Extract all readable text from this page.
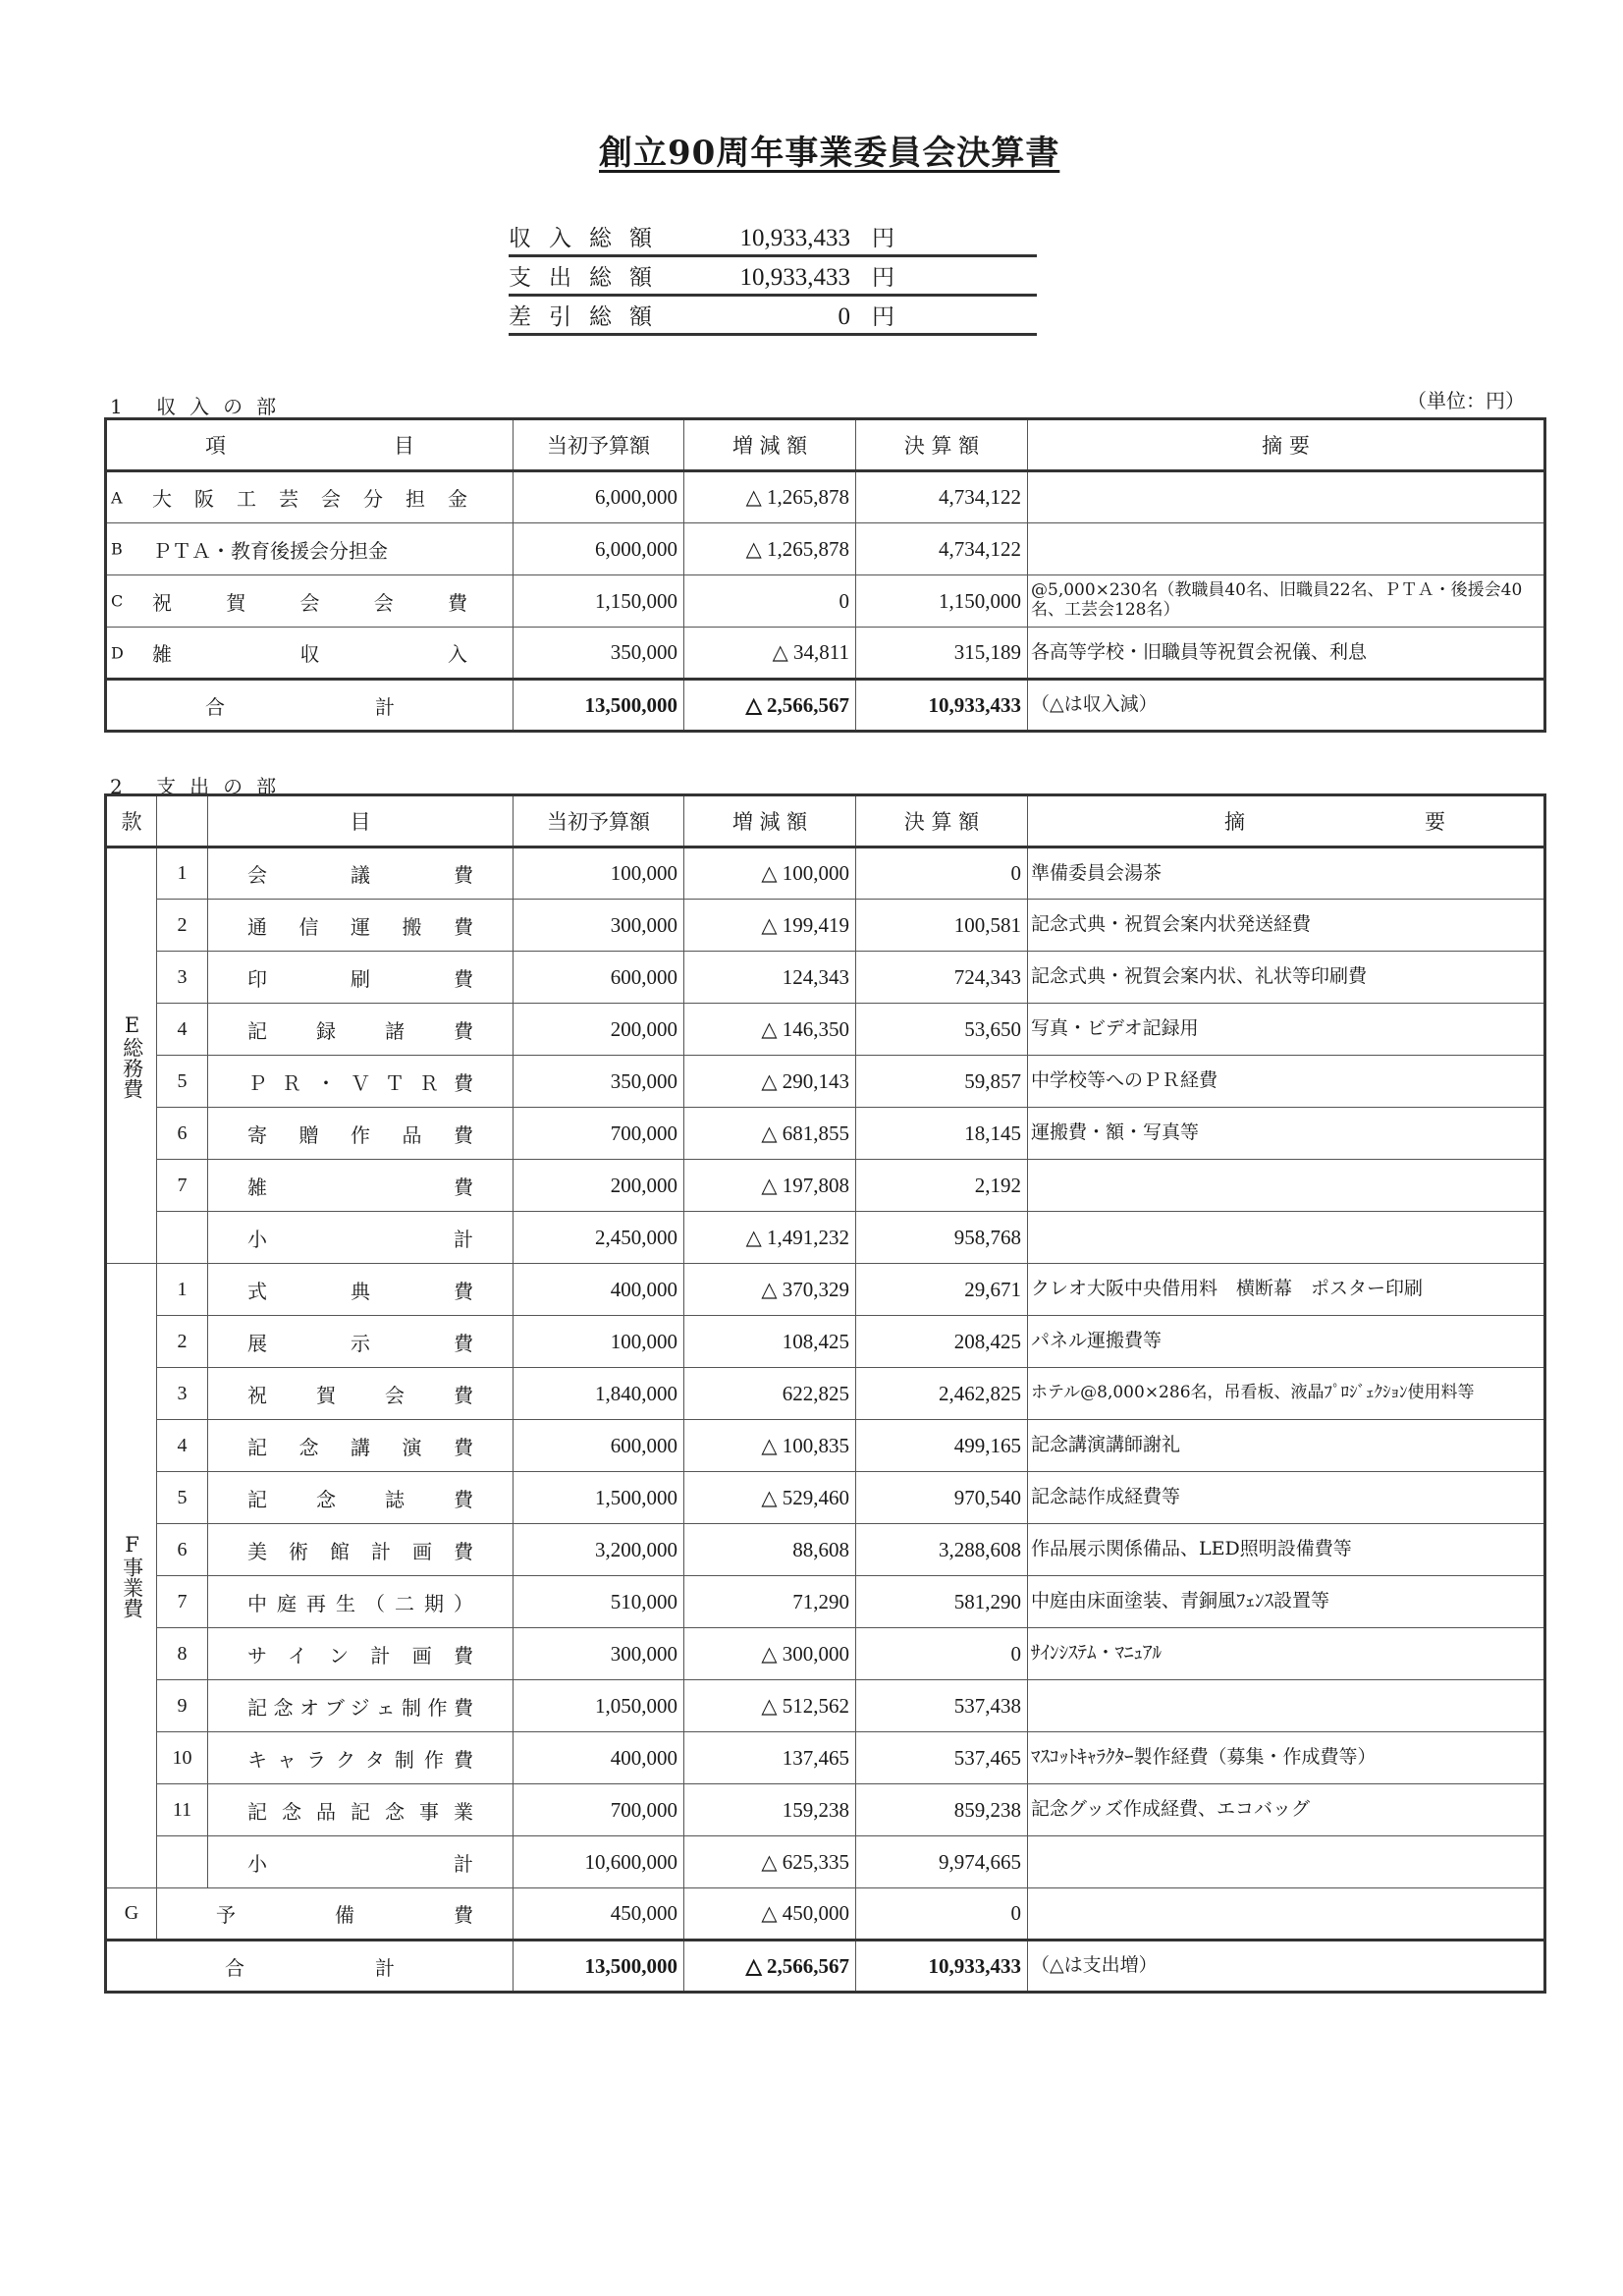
創立90周年事業委員会決算書
収入総額	10,933,433 円
支出総額	10,933,433 円
差引総額	0 円
1 収入の部	（単位：円）
項 目	当初予算額	増 減 額	決 算 額	摘 要

A 大阪工芸会分担金	6,000,000	△ 1,265,878	4,734,122	

B ＰＴＡ・教育後援会分担金	6,000,000	△ 1,265,878	4,734,122	

C 祝賀会会費	1,150,000	0	1,150,000	@5,000×230名（教職員40名、旧職員22名、ＰＴＡ・後援会40名、工芸会128名）

D 雑収入	350,000	△ 34,811	315,189	各高等学校・旧職員等祝賀会祝儀、利息
合 計	13,500,000	△ 2,566,567	10,933,433	（△は収入減）
2 支出の部
款		目	当初予算額	増 減 額	決 算 額	摘 要
E総務費	1	会議費	100,000	△ 100,000	0	準備委員会湯茶
	2	通信運搬費	300,000	△ 199,419	100,581	記念式典・祝賀会案内状発送経費
	3	印刷費	600,000	124,343	724,343	記念式典・祝賀会案内状、礼状等印刷費
	4	記録諸費	200,000	△ 146,350	53,650	写真・ビデオ記録用
	5	ＰＲ・ＶＴＲ費	350,000	△ 290,143	59,857	中学校等へのＰＲ経費
	6	寄贈作品費	700,000	△ 681,855	18,145	運搬費・額・写真等
	7	雑費	200,000	△ 197,808	2,192	
		小 計	2,450,000	△ 1,491,232	958,768	
F事業費	1	式典費	400,000	△ 370,329	29,671	クレオ大阪中央借用料　横断幕　ポスター印刷
	2	展示費	100,000	108,425	208,425	パネル運搬費等
	3	祝賀会費	1,840,000	622,825	2,462,825	ホテル@8,000×286名，吊看板、液晶ﾌﾟﾛｼﾞｪｸｼｮﾝ使用料等
	4	記念講演費	600,000	△ 100,835	499,165	記念講演講師謝礼
	5	記念誌費	1,500,000	△ 529,460	970,540	記念誌作成経費等
	6	美術館計画費	3,200,000	88,608	3,288,608	作品展示関係備品、LED照明設備費等
	7	中庭再生（二期）	510,000	71,290	581,290	中庭由床面塗装、青銅風ﾌｪﾝｽ設置等
	8	サイン計画費	300,000	△ 300,000	0	ｻｲﾝｼｽﾃﾑ・ﾏﾆｭｱﾙ
	9	記念オブジェ制作費	1,050,000	△ 512,562	537,438	
	10	キャラクタ制作費	400,000	137,465	537,465	ﾏｽｺｯﾄｷｬﾗｸﾀｰ製作経費（募集・作成費等）
	11	記念品記念事業	700,000	159,238	859,238	記念グッズ作成経費、エコバッグ
		小 計	10,600,000	△ 625,335	9,974,665	
G	予備費		450,000	△ 450,000	0	
合 計			13,500,000	△ 2,566,567	10,933,433	（△は支出増）
